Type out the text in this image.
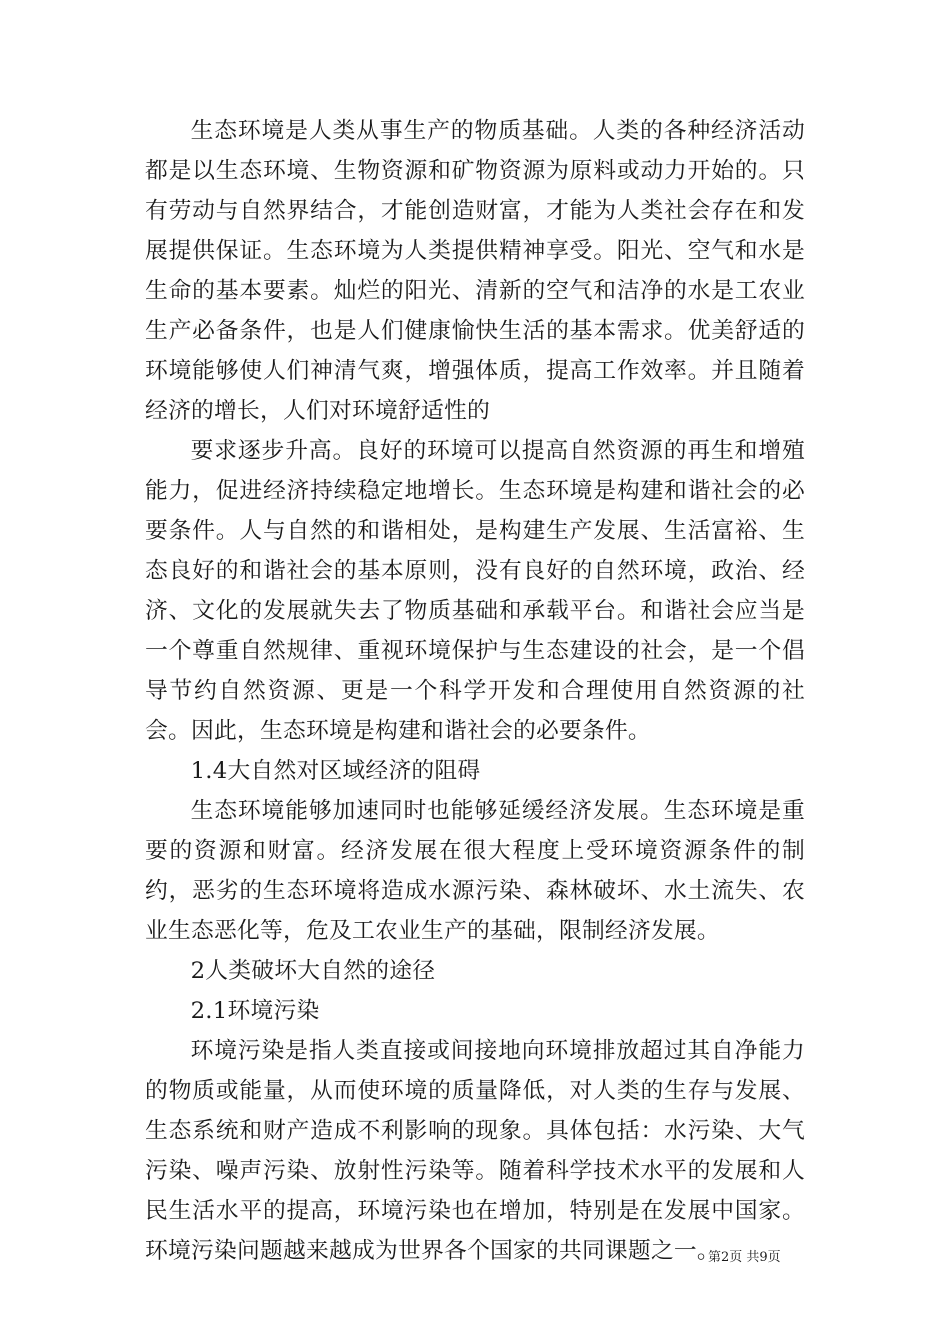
生态环境是人类从事生产的物质基础。人类的各种经济活动都是以生态环境、生物资源和矿物资源为原料或动力开始的。只有劳动与自然界结合，才能创造财富，才能为人类社会存在和发展提供保证。生态环境为人类提供精神享受。阳光、空气和水是生命的基本要素。灿烂的阳光、清新的空气和洁净的水是工农业生产必备条件，也是人们健康愉快生活的基本需求。优美舒适的环境能够使人们神清气爽，增强体质，提高工作效率。并且随着经济的增长，人们对环境舒适性的

要求逐步升高。良好的环境可以提高自然资源的再生和增殖能力，促进经济持续稳定地增长。生态环境是构建和谐社会的必要条件。人与自然的和谐相处，是构建生产发展、生活富裕、生态良好的和谐社会的基本原则，没有良好的自然环境，政治、经济、文化的发展就失去了物质基础和承载平台。和谐社会应当是一个尊重自然规律、重视环境保护与生态建设的社会，是一个倡导节约自然资源、更是一个科学开发和合理使用自然资源的社会。因此，生态环境是构建和谐社会的必要条件。

1.4大自然对区域经济的阻碍

生态环境能够加速同时也能够延缓经济发展。生态环境是重要的资源和财富。经济发展在很大程度上受环境资源条件的制约，恶劣的生态环境将造成水源污染、森林破坏、水土流失、农业生态恶化等，危及工农业生产的基础，限制经济发展。

2人类破坏大自然的途径

2.1环境污染

环境污染是指人类直接或间接地向环境排放超过其自净能力的物质或能量，从而使环境的质量降低，对人类的生存与发展、生态系统和财产造成不利影响的现象。具体包括：水污染、大气污染、噪声污染、放射性污染等。随着科学技术水平的发展和人民生活水平的提高，环境污染也在增加，特别是在发展中国家。环境污染问题越来越成为世界各个国家的共同课题之一。

第2页 共9页
